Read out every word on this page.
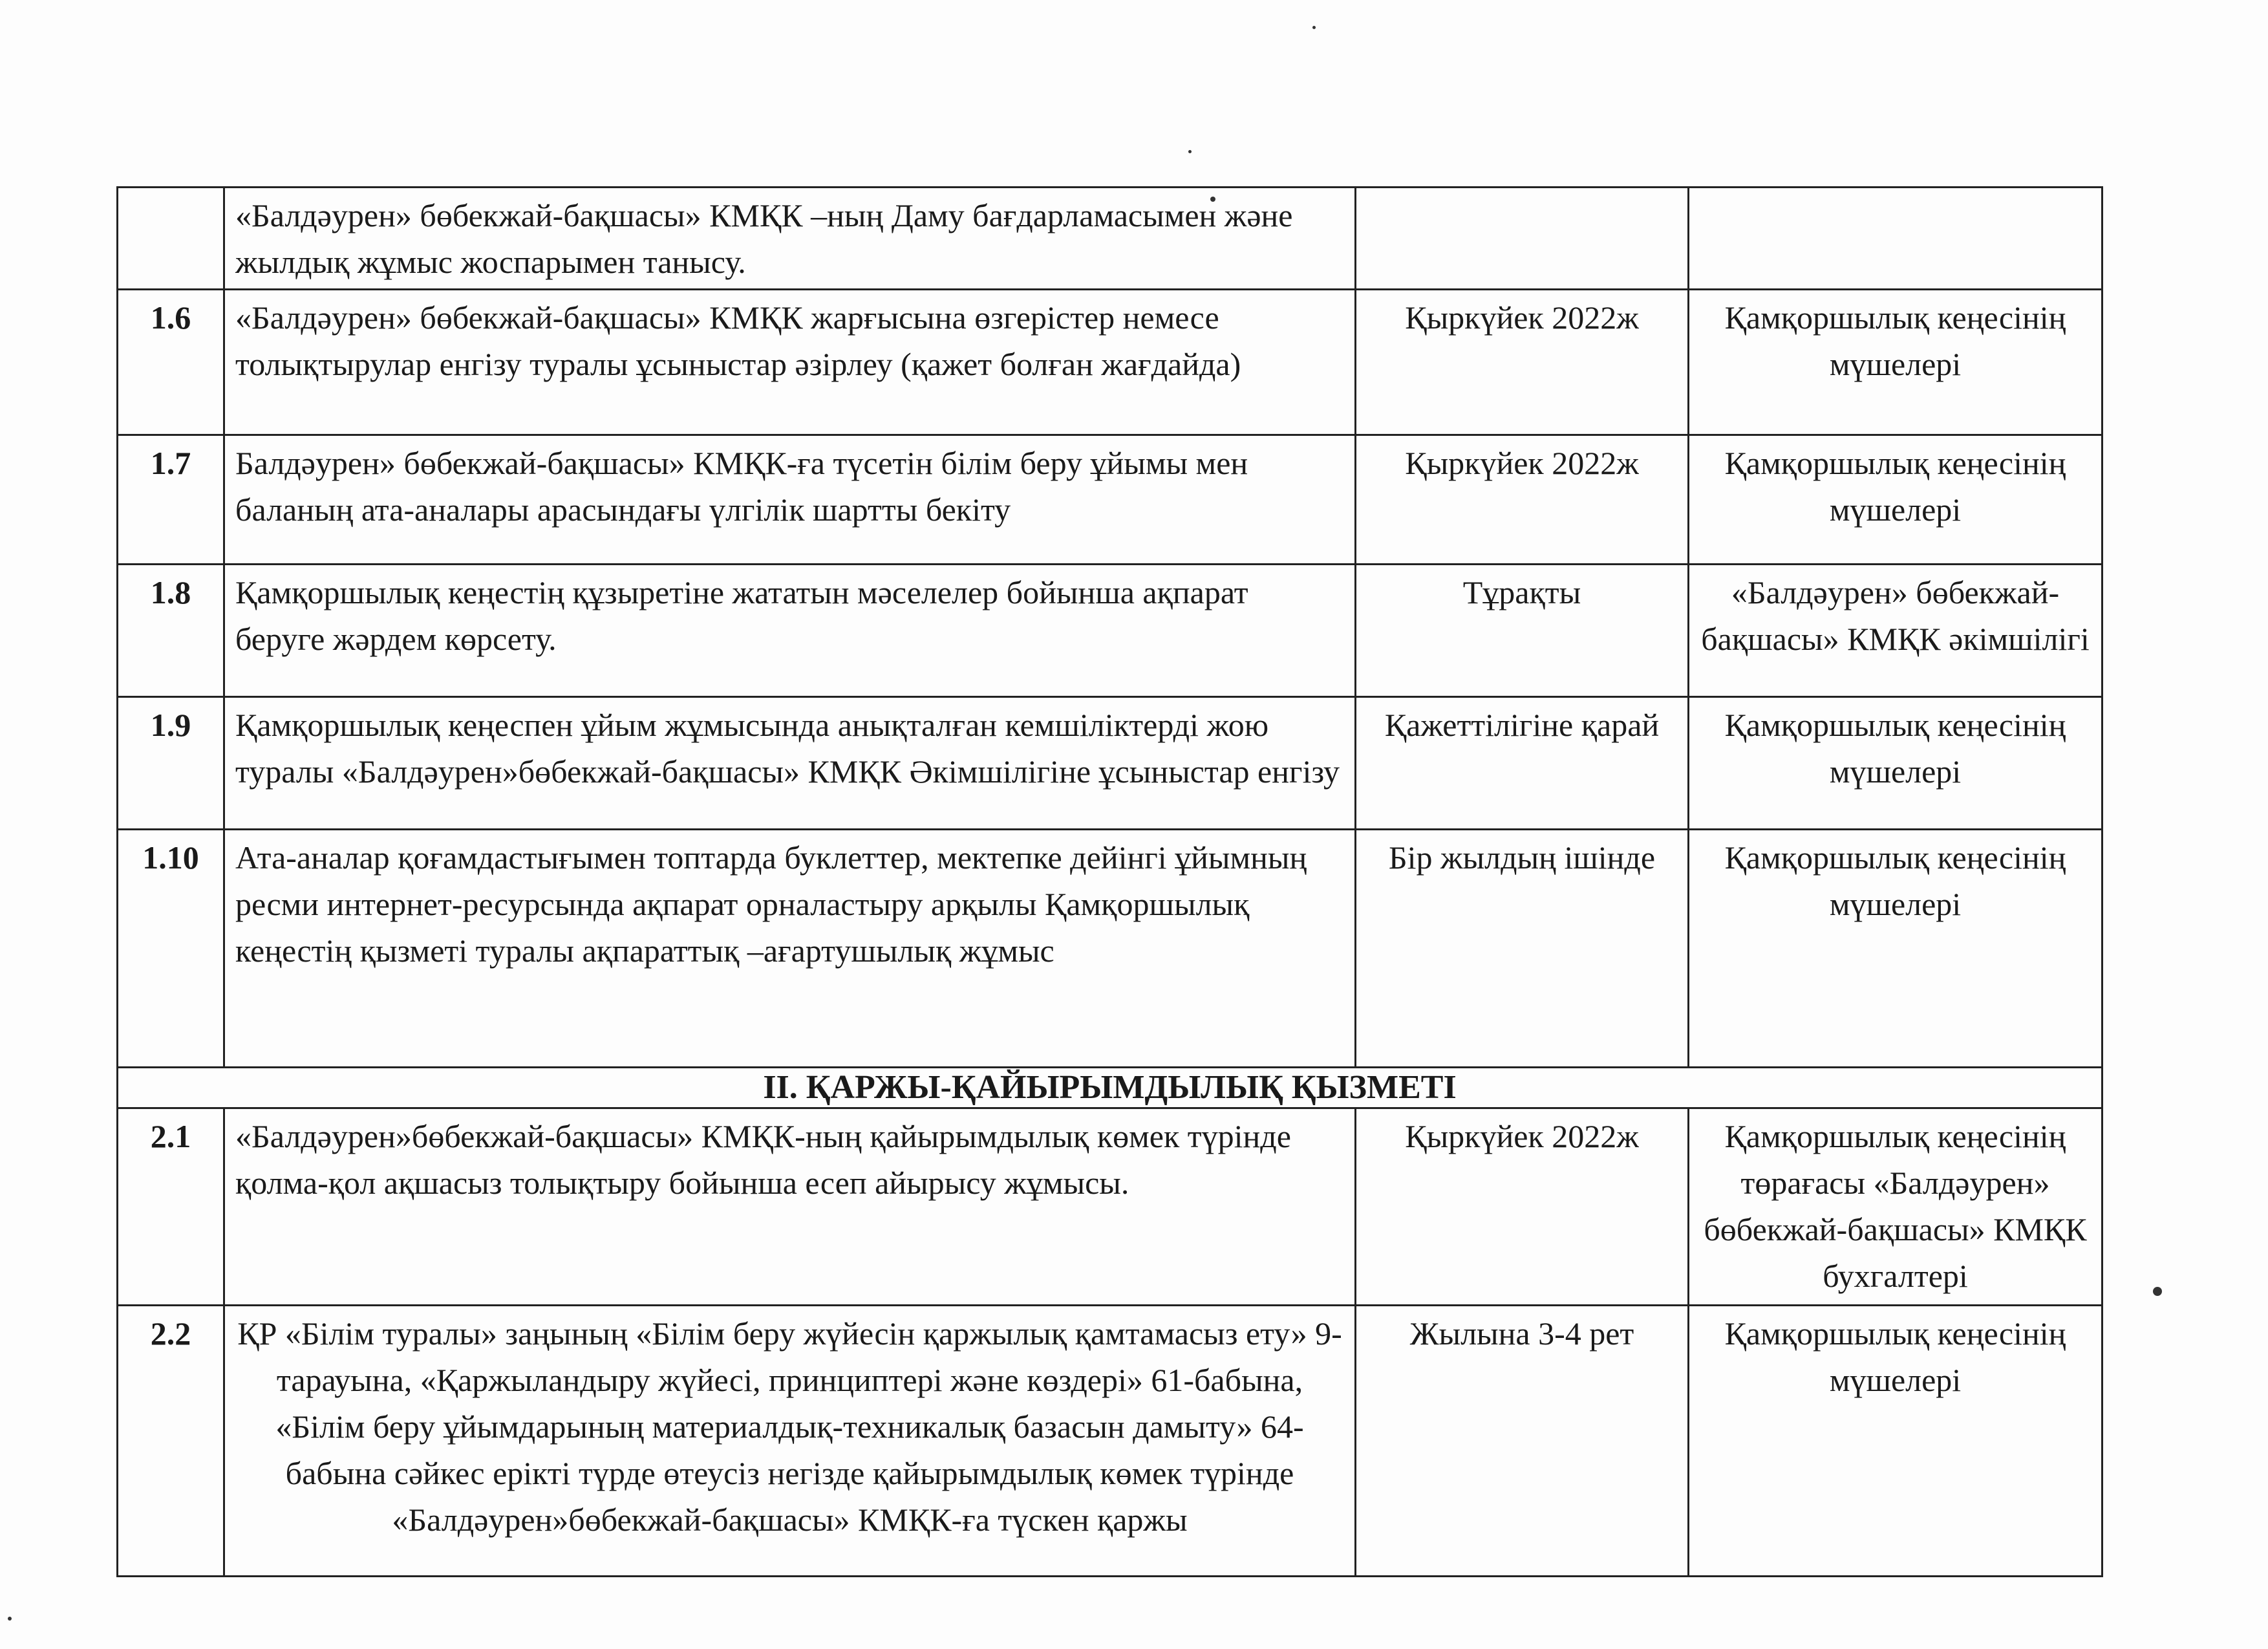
	«Балдәурен» бөбекжай-бақшасы» КМҚК –ның Даму бағдарламасымен және жылдық жұмыс жоспарымен танысу.		
1.6	«Балдәурен» бөбекжай-бақшасы» КМҚК жарғысына өзгерістер немесе толықтырулар енгізу туралы ұсыныстар әзірлеу (қажет болған жағдайда)	Қыркүйек 2022ж	Қамқоршылық кеңесінің мүшелері
1.7	Балдәурен» бөбекжай-бақшасы» КМҚК-ға түсетін білім беру ұйымы мен баланың ата-аналары арасындағы үлгілік шартты бекіту	Қыркүйек 2022ж	Қамқоршылық кеңесінің мүшелері
1.8	Қамқоршылық кеңестің құзыретіне жататын мәселелер бойынша ақпарат беруге жәрдем көрсету.	Тұрақты	«Балдәурен» бөбекжай-бақшасы» КМҚК әкімшілігі
1.9	Қамқоршылық кеңеспен ұйым жұмысында анықталған кемшіліктерді жою туралы «Балдәурен»бөбекжай-бақшасы» КМҚК Әкімшілігіне ұсыныстар енгізу	Қажеттілігіне қарай	Қамқоршылық кеңесінің мүшелері
1.10	Ата-аналар қоғамдастығымен топтарда буклеттер, мектепке дейінгі ұйымның ресми интернет-ресурсында ақпарат орналастыру арқылы Қамқоршылық кеңестің қызметі туралы ақпараттық –ағартушылық жұмыс	Бір жылдың ішінде	Қамқоршылық кеңесінің мүшелері
II. ҚАРЖЫ-ҚАЙЫРЫМДЫЛЫҚ ҚЫЗМЕТІ			
2.1	«Балдәурен»бөбекжай-бақшасы» КМҚК-ның қайырымдылық көмек түрінде қолма-қол ақшасыз толықтыру бойынша есеп айырысу жұмысы.	Қыркүйек 2022ж	Қамқоршылық кеңесінің төрағасы «Балдәурен» бөбекжай-бақшасы» КМҚК бухгалтері
2.2	ҚР «Білім туралы» заңының «Білім беру жүйесін қаржылық қамтамасыз ету» 9-тарауына, «Қаржыландыру жүйесі, принциптері және көздері» 61-бабына, «Білім беру ұйымдарының материалдық-техникалық базасын дамыту» 64-бабына сәйкес ерікті түрде өтеусіз негізде қайырымдылық көмек түрінде «Балдәурен»бөбекжай-бақшасы» КМҚК-ға түскен қаржы	Жылына 3-4 рет	Қамқоршылық кеңесінің мүшелері
